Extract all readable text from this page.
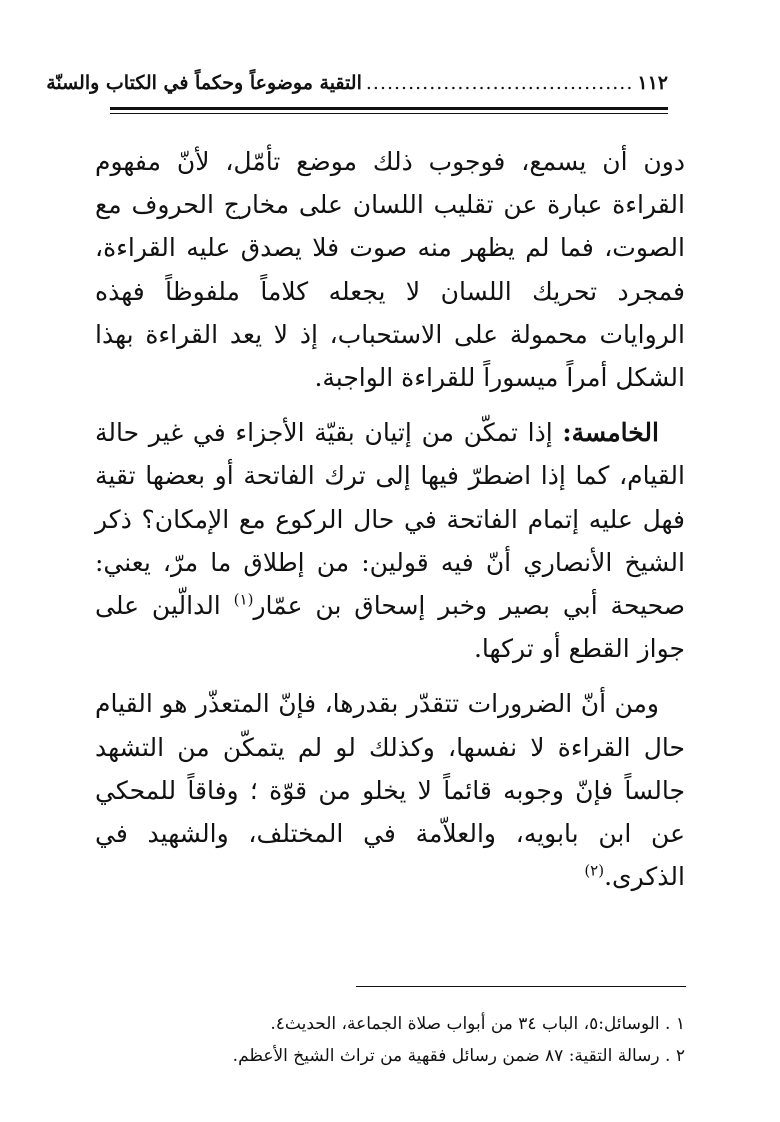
١١٢
......................................
التقية موضوعاً وحكماً في الكتاب والسنّة

دون أن يسمع، فوجوب ذلك موضع تأمّل، لأنّ مفهوم القراءة عبارة عن تقليب اللسان على مخارج الحروف مع الصوت، فما لم يظهر منه صوت فلا يصدق عليه القراءة، فمجرد تحريك اللسان لا يجعله كلاماً ملفوظاً فهذه الروايات محمولة على الاستحباب، إذ لا يعد القراءة بهذا الشكل أمراً ميسوراً للقراءة الواجبة.

الخامسة: إذا تمكّن من إتيان بقيّة الأجزاء في غير حالة القيام، كما إذا اضطرّ فيها إلى ترك الفاتحة أو بعضها تقية فهل عليه إتمام الفاتحة في حال الركوع مع الإمكان؟ ذكر الشيخ الأنصاري أنّ فيه قولين: من إطلاق ما مرّ، يعني: صحيحة أبي بصير وخبر إسحاق بن عمّار$^{(١)}$ الدالّين على جواز القطع أو تركها.

ومن أنّ الضرورات تتقدّر بقدرها، فإنّ المتعذّر هو القيام حال القراءة لا نفسها، وكذلك لو لم يتمكّن من التشهد جالساً فإنّ وجوبه قائماً لا يخلو من قوّة ؛ وفاقاً للمحكي عن ابن بابويه، والعلاّمة في المختلف، والشهيد في الذكرى.$^{(٢)}$

١ . الوسائل:٥، الباب ٣٤ من أبواب صلاة الجماعة، الحديث٤.

٢ . رسالة التقية: ٨٧ ضمن رسائل فقهية من تراث الشيخ الأعظم.
